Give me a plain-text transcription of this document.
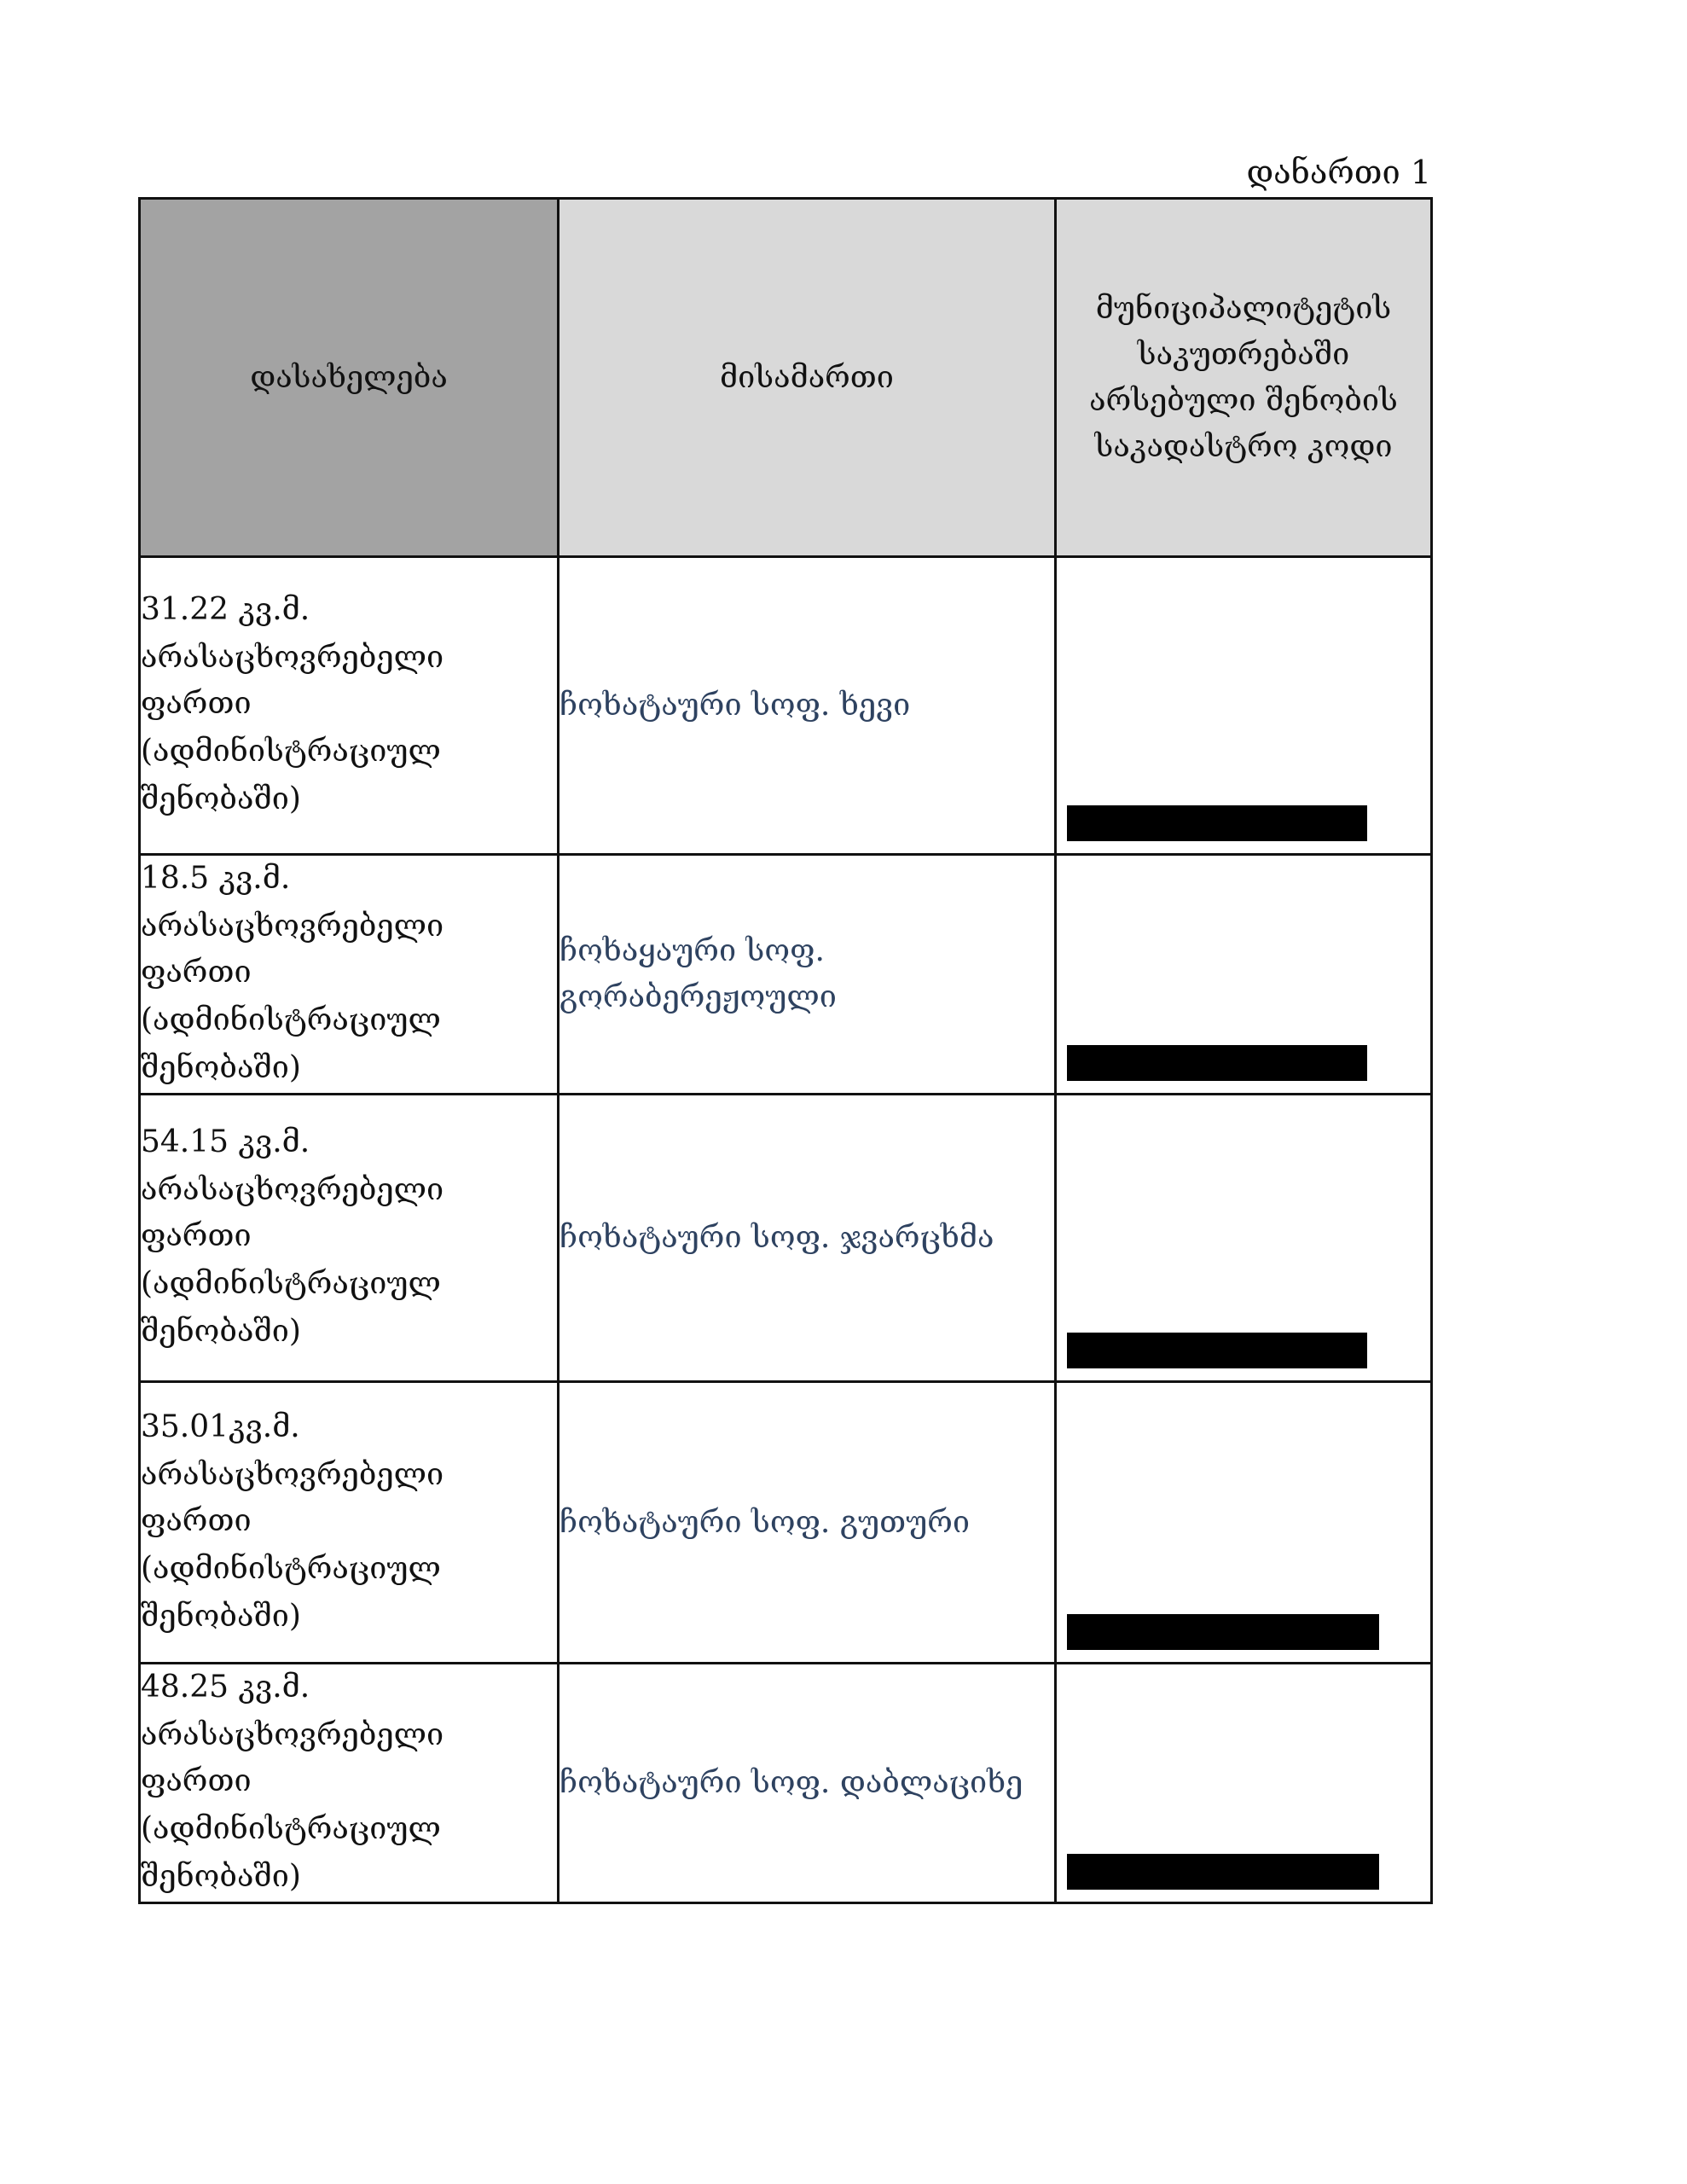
დანართი 1
დასახელება	მისამართი	მუნიციპალიტეტის საკუთრებაში არსებული შენობის საკადასტრო კოდი

31.22 კვ.მ.
არასაცხოვრებელი ფართი
(ადმინისტრაციულ
შენობაში)	ჩოხატაური სოფ. ხევი	

18.5 კვ.მ.
არასაცხოვრებელი ფართი
(ადმინისტრაციულ
შენობაში)	ჩოხაყაური სოფ. გორაბერეჟოული	

54.15 კვ.მ.
არასაცხოვრებელი ფართი
(ადმინისტრაციულ
შენობაში)	ჩოხატაური სოფ. ჯვარცხმა	

35.01კვ.მ.
არასაცხოვრებელი ფართი
(ადმინისტრაციულ
შენობაში)	ჩოხატაური სოფ. გუთური	

48.25 კვ.მ.
არასაცხოვრებელი ფართი
(ადმინისტრაციულ
შენობაში)	ჩოხატაური სოფ. დაბლაციხე	
